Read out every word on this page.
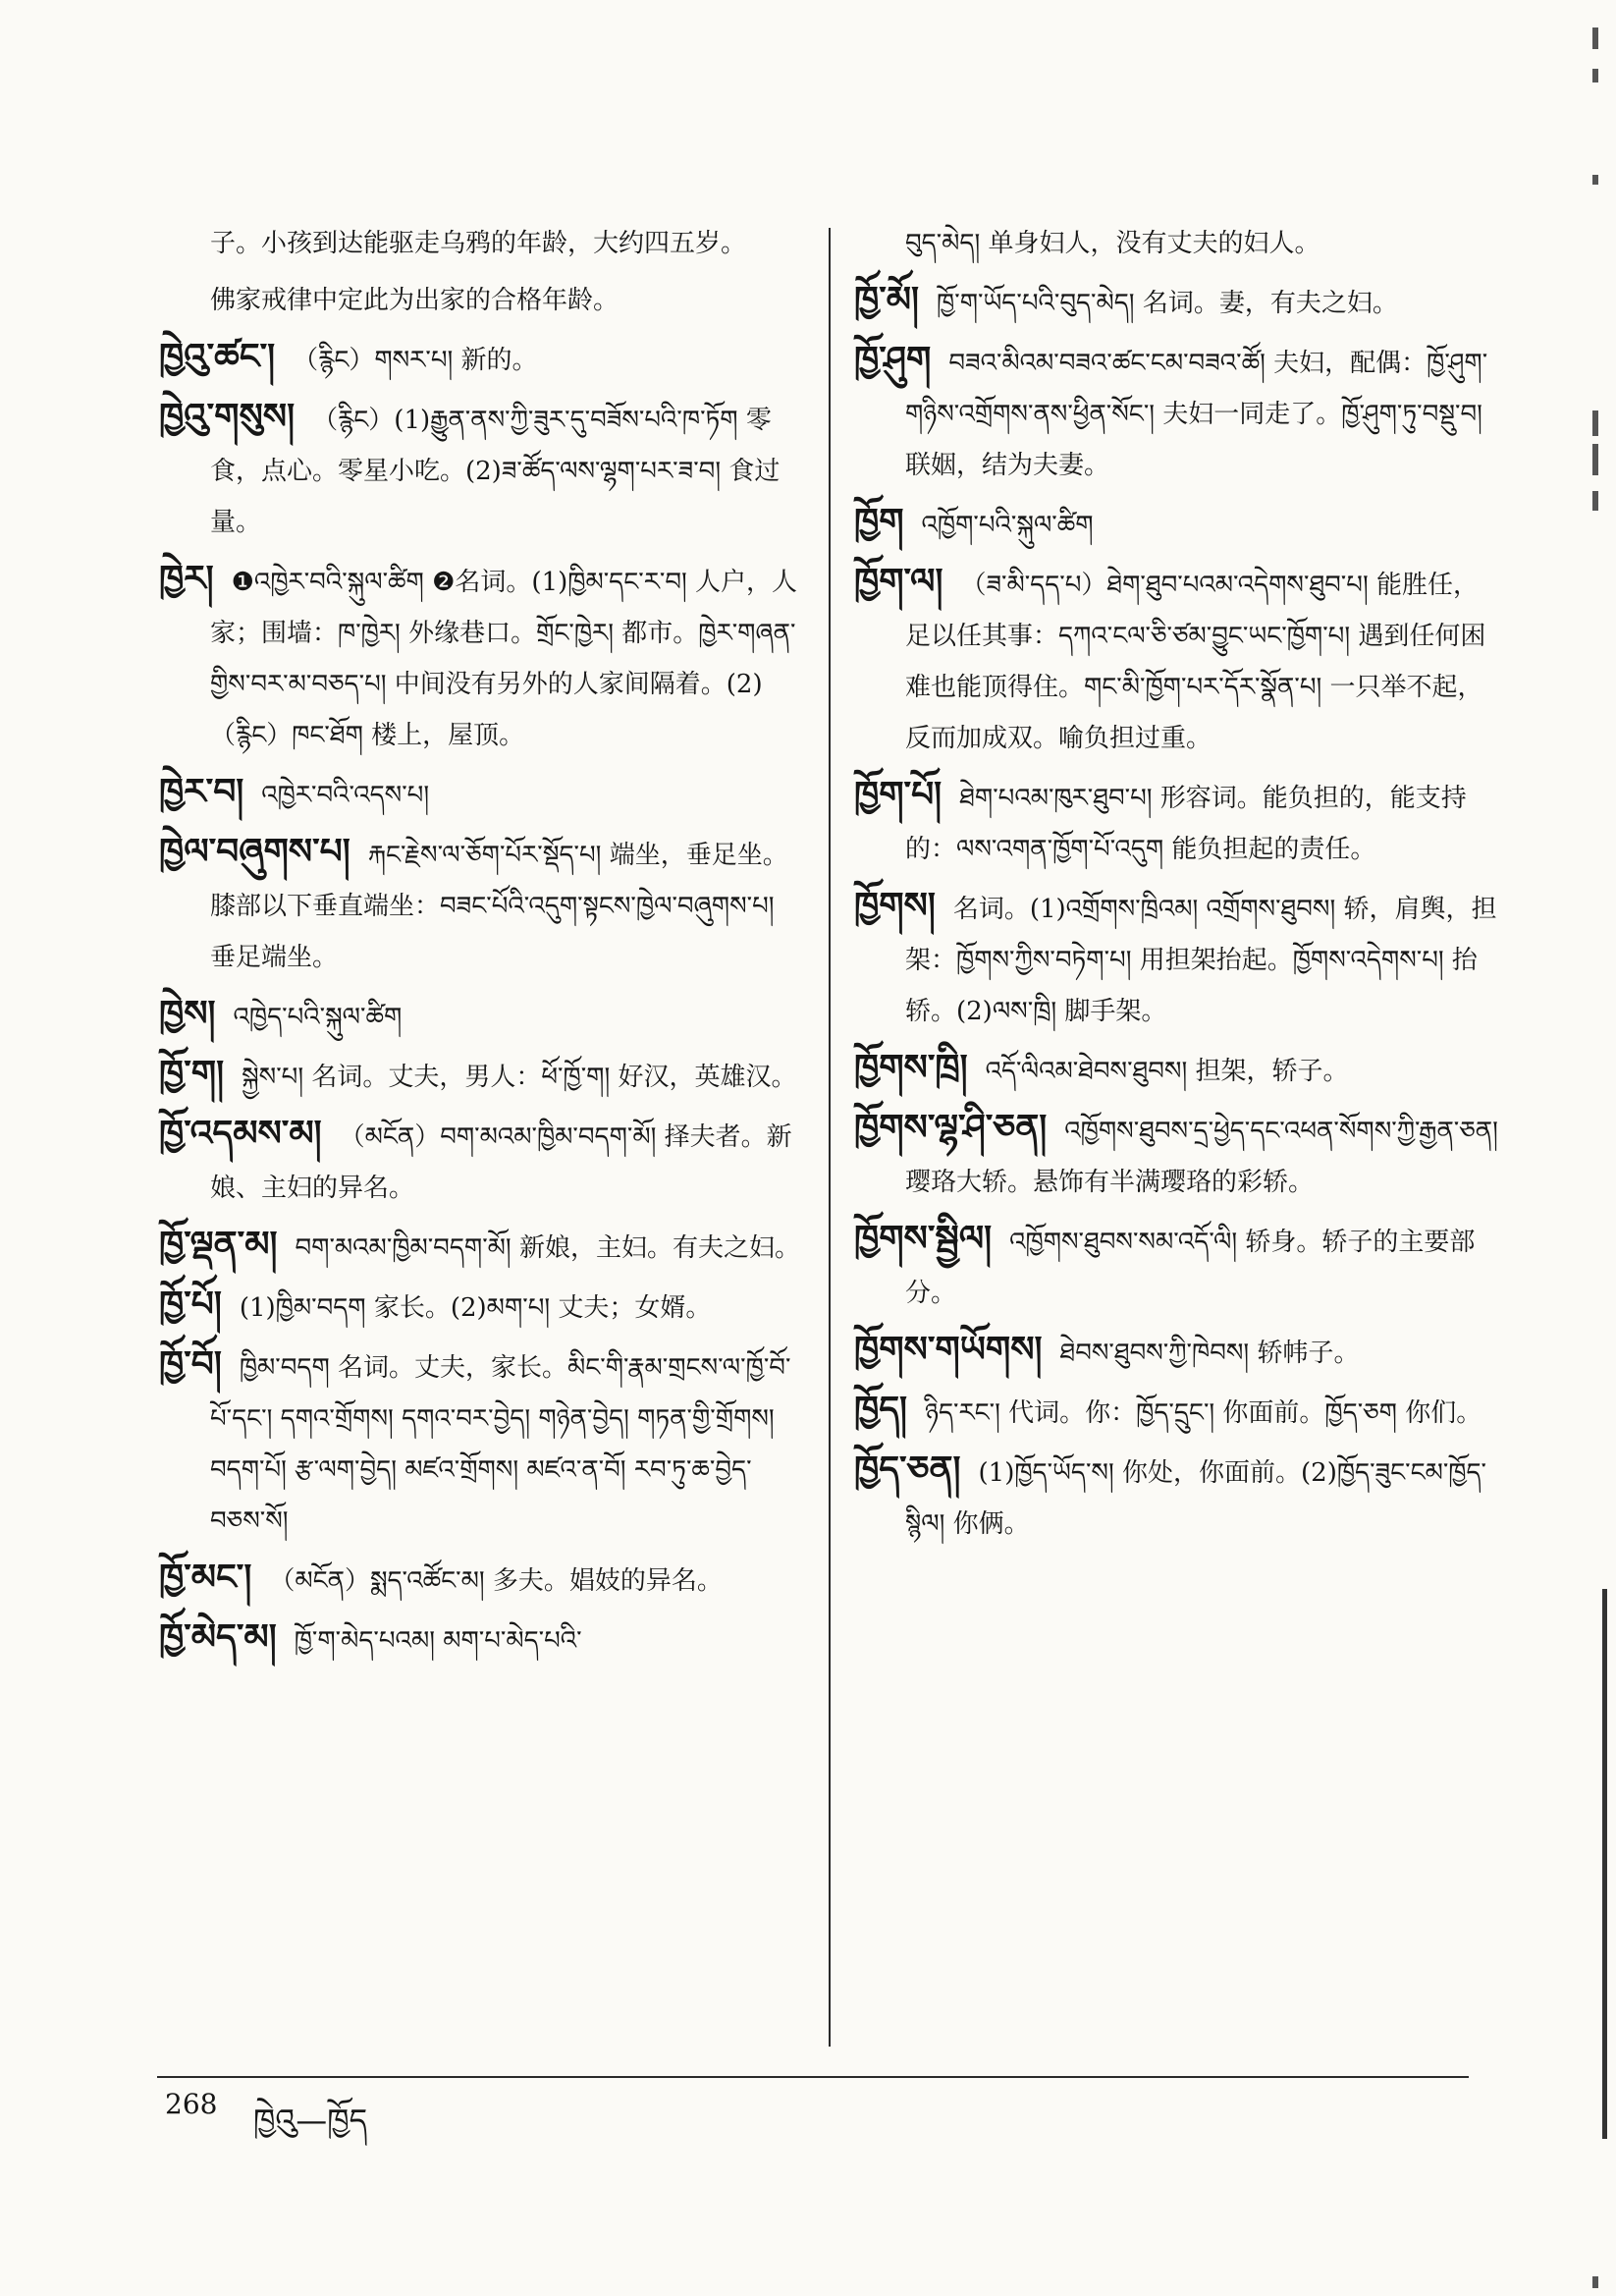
子。小孩到达能驱走乌鸦的年龄，大约四五岁。
佛家戒律中定此为出家的合格年龄。
ཁྱེའུ་ཚང་། （རྙིང）གསར་པ། 新的。
ཁྱེའུ་གསུས། （རྙིང）(1)རྒྱུན་ནས་ཀྱི་ཟུར་དུ་བཟོས་པའི་ཁ་ཏོག 零食，点心。零星小吃。(2)ཟ་ཚོད་ལས་ལྷག་པར་ཟ་བ། 食过量。
ཁྱེར། ❶འཁྱེར་བའི་སྐུལ་ཚིག ❷名词。(1)ཁྱིམ་དང་ར་བ། 人户，人家；围墙：ཁ་ཁྱེར། 外缘巷口。གྲོང་ཁྱེར། 都市。ཁྱེར་གཞན་གྱིས་བར་མ་བཅད་པ། 中间没有另外的人家间隔着。(2)（རྙིང）ཁང་ཐོག 楼上，屋顶。
ཁྱེར་བ། འཁྱེར་བའི་འདས་པ།
ཁྱེལ་བཞུགས་པ། རྐང་རྗེས་ལ་ཅོག་པོར་སྡོད་པ། 端坐，垂足坐。膝部以下垂直端坐：བཟང་པོའི་འདུག་སྟངས་ཁྱེལ་བཞུགས་པ། 垂足端坐。
ཁྱེས། འཁྱེད་པའི་སྐུལ་ཚིག
ཁྱོ་ག། སྐྱེས་པ། 名词。丈夫，男人：ཕོ་ཁྱོ་ག། 好汉，英雄汉。
ཁྱོ་འདམས་མ། （མངོན）བག་མའམ་ཁྱིམ་བདག་མོ། 择夫者。新娘、主妇的异名。
ཁྱོ་ལྡན་མ། བག་མའམ་ཁྱིམ་བདག་མོ། 新娘，主妇。有夫之妇。
ཁྱོ་པོ། (1)ཁྱིམ་བདག 家长。(2)མག་པ། 丈夫；女婿。
ཁྱོ་བོ། ཁྱིམ་བདག 名词。丈夫，家长。མིང་གི་རྣམ་གྲངས་ལ་ཁྱོ་བོ་པོ་དང་། དགའ་གྲོགས། དགའ་བར་བྱེད། གཉེན་བྱེད། གཏན་གྱི་གྲོགས། བདག་པོ། རྩ་ལག་བྱེད། མཛའ་གྲོགས། མཛའ་ན་བོ། རབ་ཏུ་ཆ་བྱེད་བཅས་སོ།
ཁྱོ་མང་། （མངོན）སྨད་འཚོང་མ། 多夫。娼妓的异名。
ཁྱོ་མེད་མ། ཁྱོ་ག་མེད་པའམ། མག་པ་མེད་པའི་
བུད་མེད། 单身妇人，没有丈夫的妇人。
ཁྱོ་མོ། ཁྱོ་ག་ཡོད་པའི་བུད་མེད། 名词。妻，有夫之妇。
ཁྱོ་ཤུག བཟའ་མིའམ་བཟའ་ཚང་ངམ་བཟའ་ཚོ། 夫妇，配偶：ཁྱོ་ཤུག་གཉིས་འགྲོགས་ནས་ཕྱིན་སོང་། 夫妇一同走了。ཁྱོ་ཤུག་ཏུ་བསྡུ་བ། 联姻，结为夫妻。
ཁྱོག འཁྱོག་པའི་སྐུལ་ཚིག
ཁྱོག་ལ། （ཟ་མི་དད་པ）ཐེག་ཐུབ་པའམ་འདེགས་ཐུབ་པ། 能胜任，足以任其事：དཀའ་ངལ་ཅི་ཙམ་བྱུང་ཡང་ཁྱོག་པ། 遇到任何困难也能顶得住。གང་མི་ཁྱོག་པར་དོར་སྣོན་པ། 一只举不起，反而加成双。喻负担过重。
ཁྱོག་པོ། ཐེག་པའམ་ཁུར་ཐུབ་པ། 形容词。能负担的，能支持的：ལས་འགན་ཁྱོག་པོ་འདུག 能负担起的责任。
ཁྱོགས། 名词。(1)འགྲོགས་ཁྲིའམ། འགྲོགས་ཐུབས། 轿，肩舆，担架：ཁྱོགས་ཀྱིས་བཏེག་པ། 用担架抬起。ཁྱོགས་འདེགས་པ། 抬轿。(2)ལས་ཁྲི། 脚手架。
ཁྱོགས་ཁྲི། འདོ་ལིའམ་ཐེབས་ཐུབས། 担架，轿子。
ཁྱོགས་ལྷ་ཤི་ཅན། འཁྱོགས་ཐུབས་དྲ་ཕྱེད་དང་འཕན་སོགས་ཀྱི་རྒྱན་ཅན། 璎珞大轿。悬饰有半满璎珞的彩轿。
ཁྱོགས་སྦྱིལ། འཁྱོགས་ཐུབས་སམ་འདོ་ལི། 轿身。轿子的主要部分。
ཁྱོགས་གཡོགས། ཐེབས་ཐུབས་ཀྱི་ཁེབས། 轿帏子。
ཁྱོད། ཉིད་རང་། 代词。你：ཁྱོད་དྲུང་། 你面前。ཁྱོད་ཅག 你们。
ཁྱོད་ཅན། (1)ཁྱོད་ཡོད་ས། 你处，你面前。(2)ཁྱོད་ཟུང་ངམ་ཁྱོད་སྙིལ། 你俩。
268 ཁྱེའུ—ཁྱོད
